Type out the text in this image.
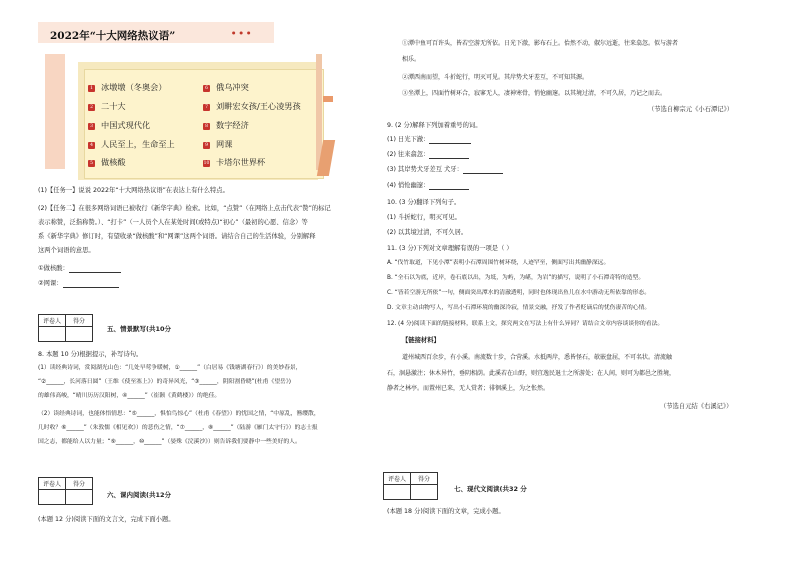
2022年“十大网络热议语”	●●●
1 冰墩墩（冬奥会）
2 二十大
3 中国式现代化
4 人民至上，生命至上
5 做核酸
6 俄乌冲突
7 刘畊宏女孩/王心凌男孩
8 数字经济
9 网课
10 卡塔尔世界杯
(1)【任务一】说说 2022年“十大网络热议语”在表达上有什么特点。
(2)【任务二】在很多网络词语已被收行《新华字典》检索。比如，“点赞”（在网络上点击代表“赞”的标记
表示称赞，泛指称赞。）、“打卡”（一人员个人在某处时间(或特点)“初心”（最初的心愿、信念）等
系《新华字典》修订时，有望收录“做核酸”和“网课”这两个词语。请结合自己的生活体验，分别解释
这两个词语的意思。
①做核酸：
②网课：
评卷人	得分

五、情景默写(共10分
8. 本题 10 分)根据提示，补写诗句。
(1）读经典诗词，赏阅湖光山色：“几处早莺争暖树，①______”（白居易《钱塘湖春行》）的美妙春景，
“②______，长河落日圆”（王维《使至塞上》）的奇异风光，“③______，阴阳割昏晓”(杜甫《望岳》)
的雄伟高峻，“晴川历历汉阳树，④______”（崔颢《黄鹤楼》）的绝佳。
（2）读经典诗词，也能体悟情思：“⑤______，惧怕鸟惊心”（杜甫《春望》）的忧国之情，“中原乱，簪缨散，
几时收？⑥______”（朱敦儒《相见欢》）的悲伤之情，“⑦______，⑧______”（陆游《雁门太守行》）的志士报
国之志，都能给人以力量；“⑨______，⑩______”（晏殊《浣溪沙》）则告诉我们要静中一些美好的人。
评卷人	得分

六、课内阅读(共12分
(本题 12 分)阅读下面的文言文，完成下面小题。
①潭中鱼可百许头，皆若空游无所依。日光下澈，影布石上。佁然不动，俶尔远逝，往来翕忽。似与游者
相乐。
②潭西南而望，斗折蛇行，明灭可见。其岸势犬牙差互，不可知其源。
③坐潭上，四面竹树环合，寂寥无人，凄神寒骨，悄怆幽邃。以其境过清，不可久居，乃记之而去。
（节选自柳宗元《小石潭记》）
9. (2 分)解释下列加着重号的词。
(1) 日光下澈：
(2) 往来翕忽：
(3) 其岸势犬牙差互 犬牙：
(4) 悄怆幽邃：
10. (3 分)翻译下列句子。
(1) 斗折蛇行，明灭可见。
(2) 以其境过清，不可久居。
11. (3 分)下列对文章理解有误的一项是（ ）
A. “伐竹取道，下见小潭”表明小石潭周围竹树环绕，人迹罕至，侧面写出其幽静深远。
B. “全石以为底，近岸，卷石底以出，为坻，为屿，为嵁，为岩”的描写，说明了小石潭奇特的造型。
C. “皆若空游无所依”一句，侧面突出潭水的清澈透明，同时也体现出鱼儿在水中游动无所依靠的形态。
D. 文章主动由物写人，写出小石潭环境的幽深冷寂，情景交融，抒发了作者贬谪后的忧伤凄苦的心情。
12. (4 分)阅读下面的链接材料，联系上文，探究两文在写法上有什么异同？请结合文章内容谈谈你的看法。
【链接材料】
道州城西百余步，有小溪。南流数十步，合营溪。水抵两岸，悉皆怪石，欹嵌盘屈，不可名状。清流触
石，洄悬激注；休木异竹，垂阴相荫。此溪若在山野，则宜逸民退士之所游处；在人间，则可为都邑之胜境，
静者之林亭。而置州已来，无人赏者；徘徊溪上，为之怅然。
（节选自元结《右溪记》）
评卷人	得分

七、现代文阅读(共32 分
(本题 18 分)阅读下面的文章，完成小题。
